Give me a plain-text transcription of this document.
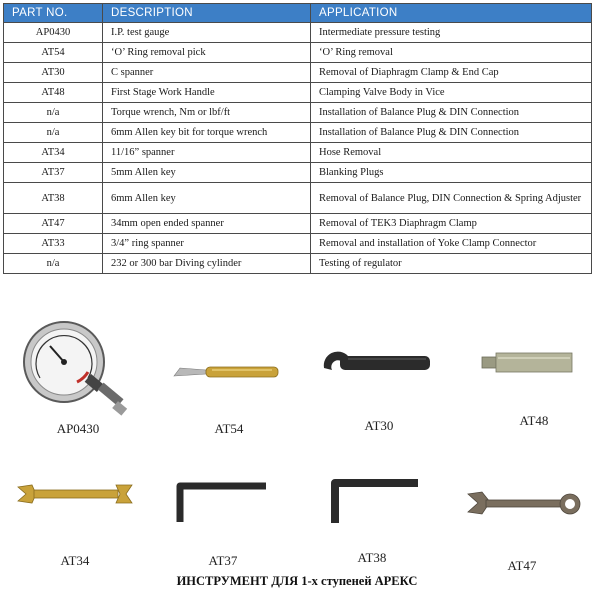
PART NO.	DESCRIPTION	APPLICATION
AP0430	I.P. test gauge	Intermediate pressure testing
AT54	‘O’ Ring removal pick	‘O’ Ring removal
AT30	C spanner	Removal of Diaphragm Clamp & End Cap
AT48	First Stage Work Handle	Clamping Valve Body in Vice
n/a	Torque wrench, Nm or lbf/ft	Installation of Balance Plug & DIN Connection
n/a	6mm Allen key bit for torque wrench	Installation of Balance Plug & DIN Connection
AT34	11/16” spanner	Hose Removal
AT37	5mm Allen key	Blanking Plugs
AT38	6mm Allen key	Removal of Balance Plug, DIN Connection & Spring Adjuster
AT47	34mm open ended spanner	Removal of TEK3 Diaphragm Clamp
AT33	3/4” ring spanner	Removal and installation of Yoke Clamp Connector
n/a	232 or 300 bar Diving cylinder	Testing of regulator
AP0430	AT54	AT30	AT48
AT34	AT37	AT38
AT47
ИНСТРУМЕНТ ДЛЯ 1-х ступеней АРЕКС
